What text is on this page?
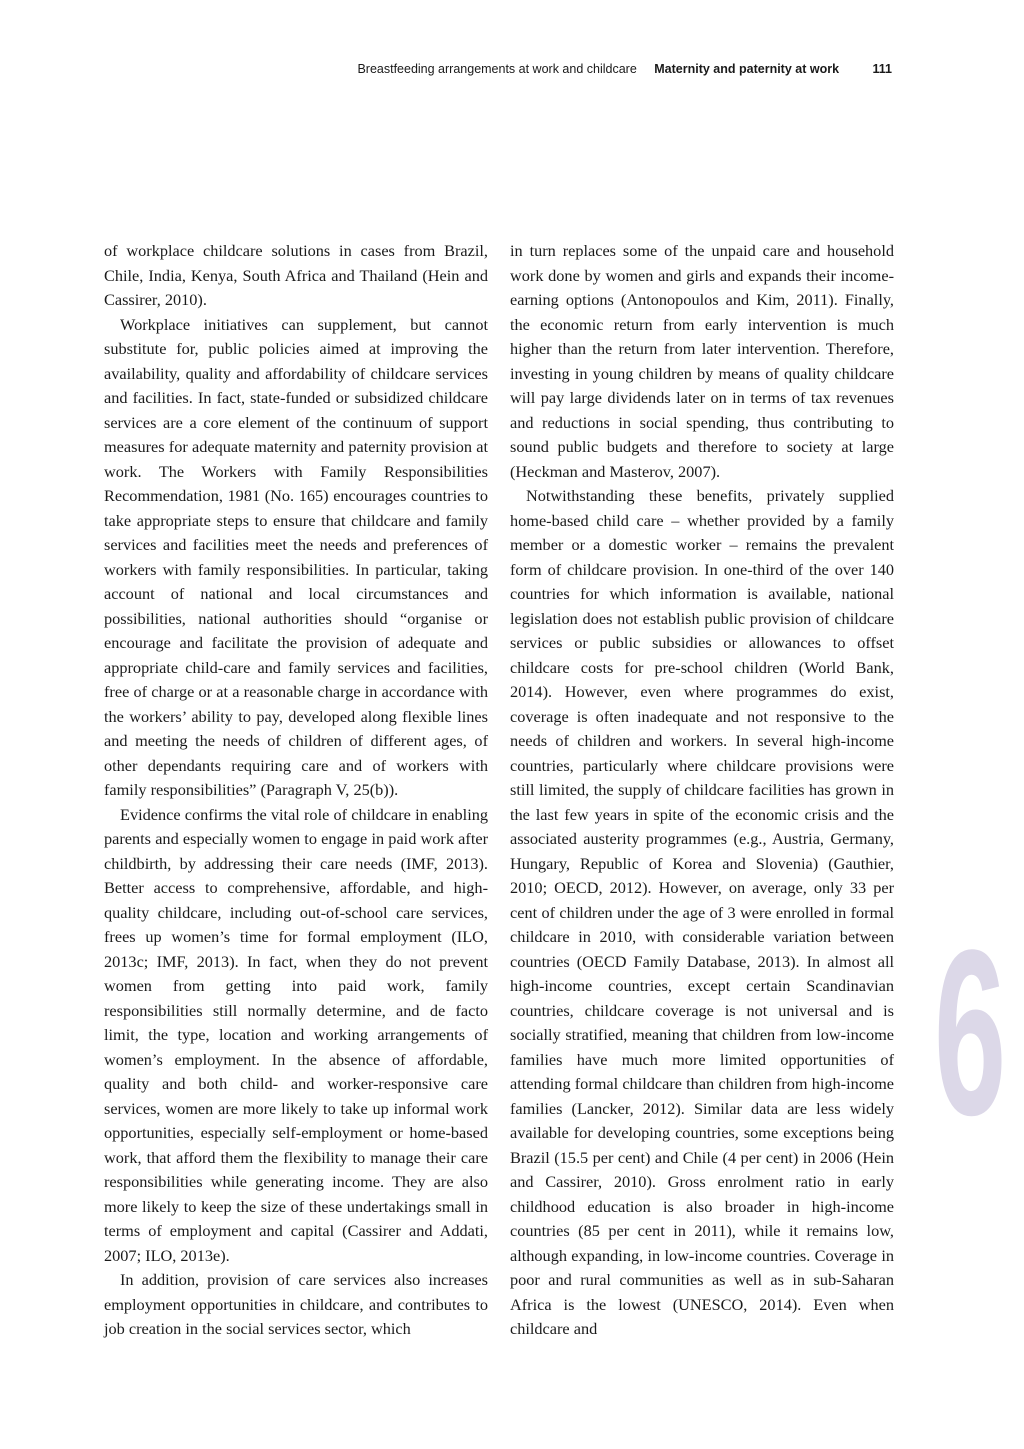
Breastfeeding arrangements at work and childcare Maternity and paternity at work	111

of workplace childcare solutions in cases from Brazil, Chile, India, Kenya, South Africa and Thailand (Hein and Cassirer, 2010).

Workplace initiatives can supplement, but cannot substitute for, public policies aimed at improving the availability, quality and affordability of childcare services and facilities. In fact, state-funded or subsidized childcare services are a core element of the continuum of support measures for adequate maternity and paternity provision at work. The Workers with Family Responsibilities Recommendation, 1981 (No. 165) encourages countries to take appropriate steps to ensure that childcare and family services and facilities meet the needs and preferences of workers with family responsibilities. In particular, taking account of national and local circumstances and possibilities, national authorities should “organise or encourage and facilitate the provision of adequate and appropriate child-care and family services and facilities, free of charge or at a reasonable charge in accordance with the workers’ ability to pay, developed along flexible lines and meeting the needs of children of different ages, of other dependants requiring care and of workers with family responsibilities” (Paragraph V, 25(b)).

Evidence confirms the vital role of childcare in enabling parents and especially women to engage in paid work after childbirth, by addressing their care needs (IMF, 2013). Better access to comprehensive, affordable, and high-quality childcare, including out-of-school care services, frees up women’s time for formal employment (ILO, 2013c; IMF, 2013). In fact, when they do not prevent women from getting into paid work, family responsibilities still normally determine, and de facto limit, the type, location and working arrangements of women’s employment. In the absence of affordable, quality and both child- and worker-responsive care services, women are more likely to take up informal work opportunities, especially self-employment or home-based work, that afford them the flexibility to manage their care responsibilities while generating income. They are also more likely to keep the size of these undertakings small in terms of employment and capital (Cassirer and Addati, 2007; ILO, 2013e).

In addition, provision of care services also increases employment opportunities in childcare, and contributes to job creation in the social services sector, which

in turn replaces some of the unpaid care and household work done by women and girls and expands their income-earning options (Antonopoulos and Kim, 2011). Finally, the economic return from early intervention is much higher than the return from later intervention. Therefore, investing in young children by means of quality childcare will pay large dividends later on in terms of tax revenues and reductions in social spending, thus contributing to sound public budgets and therefore to society at large (Heckman and Masterov, 2007).

Notwithstanding these benefits, privately supplied home-based child care – whether provided by a family member or a domestic worker – remains the prevalent form of childcare provision. In one-third of the over 140 countries for which information is available, national legislation does not establish public provision of childcare services or public subsidies or allowances to offset childcare costs for pre-school children (World Bank, 2014). However, even where programmes do exist, coverage is often inadequate and not responsive to the needs of children and workers. In several high-income countries, particularly where childcare provisions were still limited, the supply of childcare facilities has grown in the last few years in spite of the economic crisis and the associated austerity programmes (e.g., Austria, Germany, Hungary, Republic of Korea and Slovenia) (Gauthier, 2010; OECD, 2012). However, on average, only 33 per cent of children under the age of 3 were enrolled in formal childcare in 2010, with considerable variation between countries (OECD Family Database, 2013). In almost all high-income countries, except certain Scandinavian countries, childcare coverage is not universal and is socially stratified, meaning that children from low-income families have much more limited opportunities of attending formal childcare than children from high-income families (Lancker, 2012). Similar data are less widely available for developing countries, some exceptions being Brazil (15.5 per cent) and Chile (4 per cent) in 2006 (Hein and Cassirer, 2010). Gross enrolment ratio in early childhood education is also broader in high-income countries (85 per cent in 2011), while it remains low, although expanding, in low-income countries. Coverage in poor and rural communities as well as in sub-Saharan Africa is the lowest (UNESCO, 2014). Even when childcare and

6
